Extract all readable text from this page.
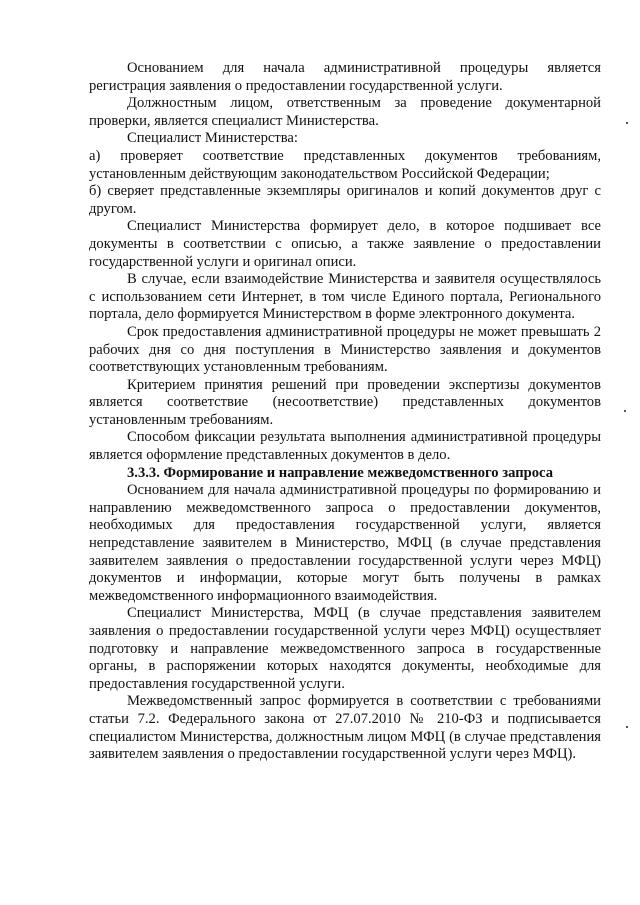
Основанием для начала административной процедуры является регистрация заявления о предоставлении государственной услуги.

Должностным лицом, ответственным за проведение документарной проверки, является специалист Министерства.

Специалист Министерства:

а) проверяет соответствие представленных документов требованиям, установленным действующим законодательством Российской Федерации;

б) сверяет представленные экземпляры оригиналов и копий документов друг с другом.

Специалист Министерства формирует дело, в которое подшивает все документы в соответствии с описью, а также заявление о предоставлении государственной услуги и оригинал описи.

В случае, если взаимодействие Министерства и заявителя осуществлялось с использованием сети Интернет, в том числе Единого портала, Регионального портала, дело формируется Министерством в форме электронного документа.

Срок предоставления административной процедуры не может превышать 2 рабочих дня со дня поступления в Министерство заявления и документов соответствующих установленным требованиям.

Критерием принятия решений при проведении экспертизы документов является соответствие (несоответствие) представленных документов установленным требованиям.

Способом фиксации результата выполнения административной процедуры является оформление представленных документов в дело.

3.3.3. Формирование и направление межведомственного запроса

Основанием для начала административной процедуры по формированию и направлению межведомственного запроса о предоставлении документов, необходимых для предоставления государственной услуги, является непредставление заявителем в Министерство, МФЦ (в случае представления заявителем заявления о предоставлении государственной услуги через МФЦ) документов и информации, которые могут быть получены в рамках межведомственного информационного взаимодействия.

Специалист Министерства, МФЦ (в случае представления заявителем заявления о предоставлении государственной услуги через МФЦ) осуществляет подготовку и направление межведомственного запроса в государственные органы, в распоряжении которых находятся документы, необходимые для предоставления государственной услуги.

Межведомственный запрос формируется в соответствии с требованиями статьи 7.2. Федерального закона от 27.07.2010 № 210-ФЗ и подписывается специалистом Министерства, должностным лицом МФЦ (в случае представления заявителем заявления о предоставлении государственной услуги через МФЦ).
